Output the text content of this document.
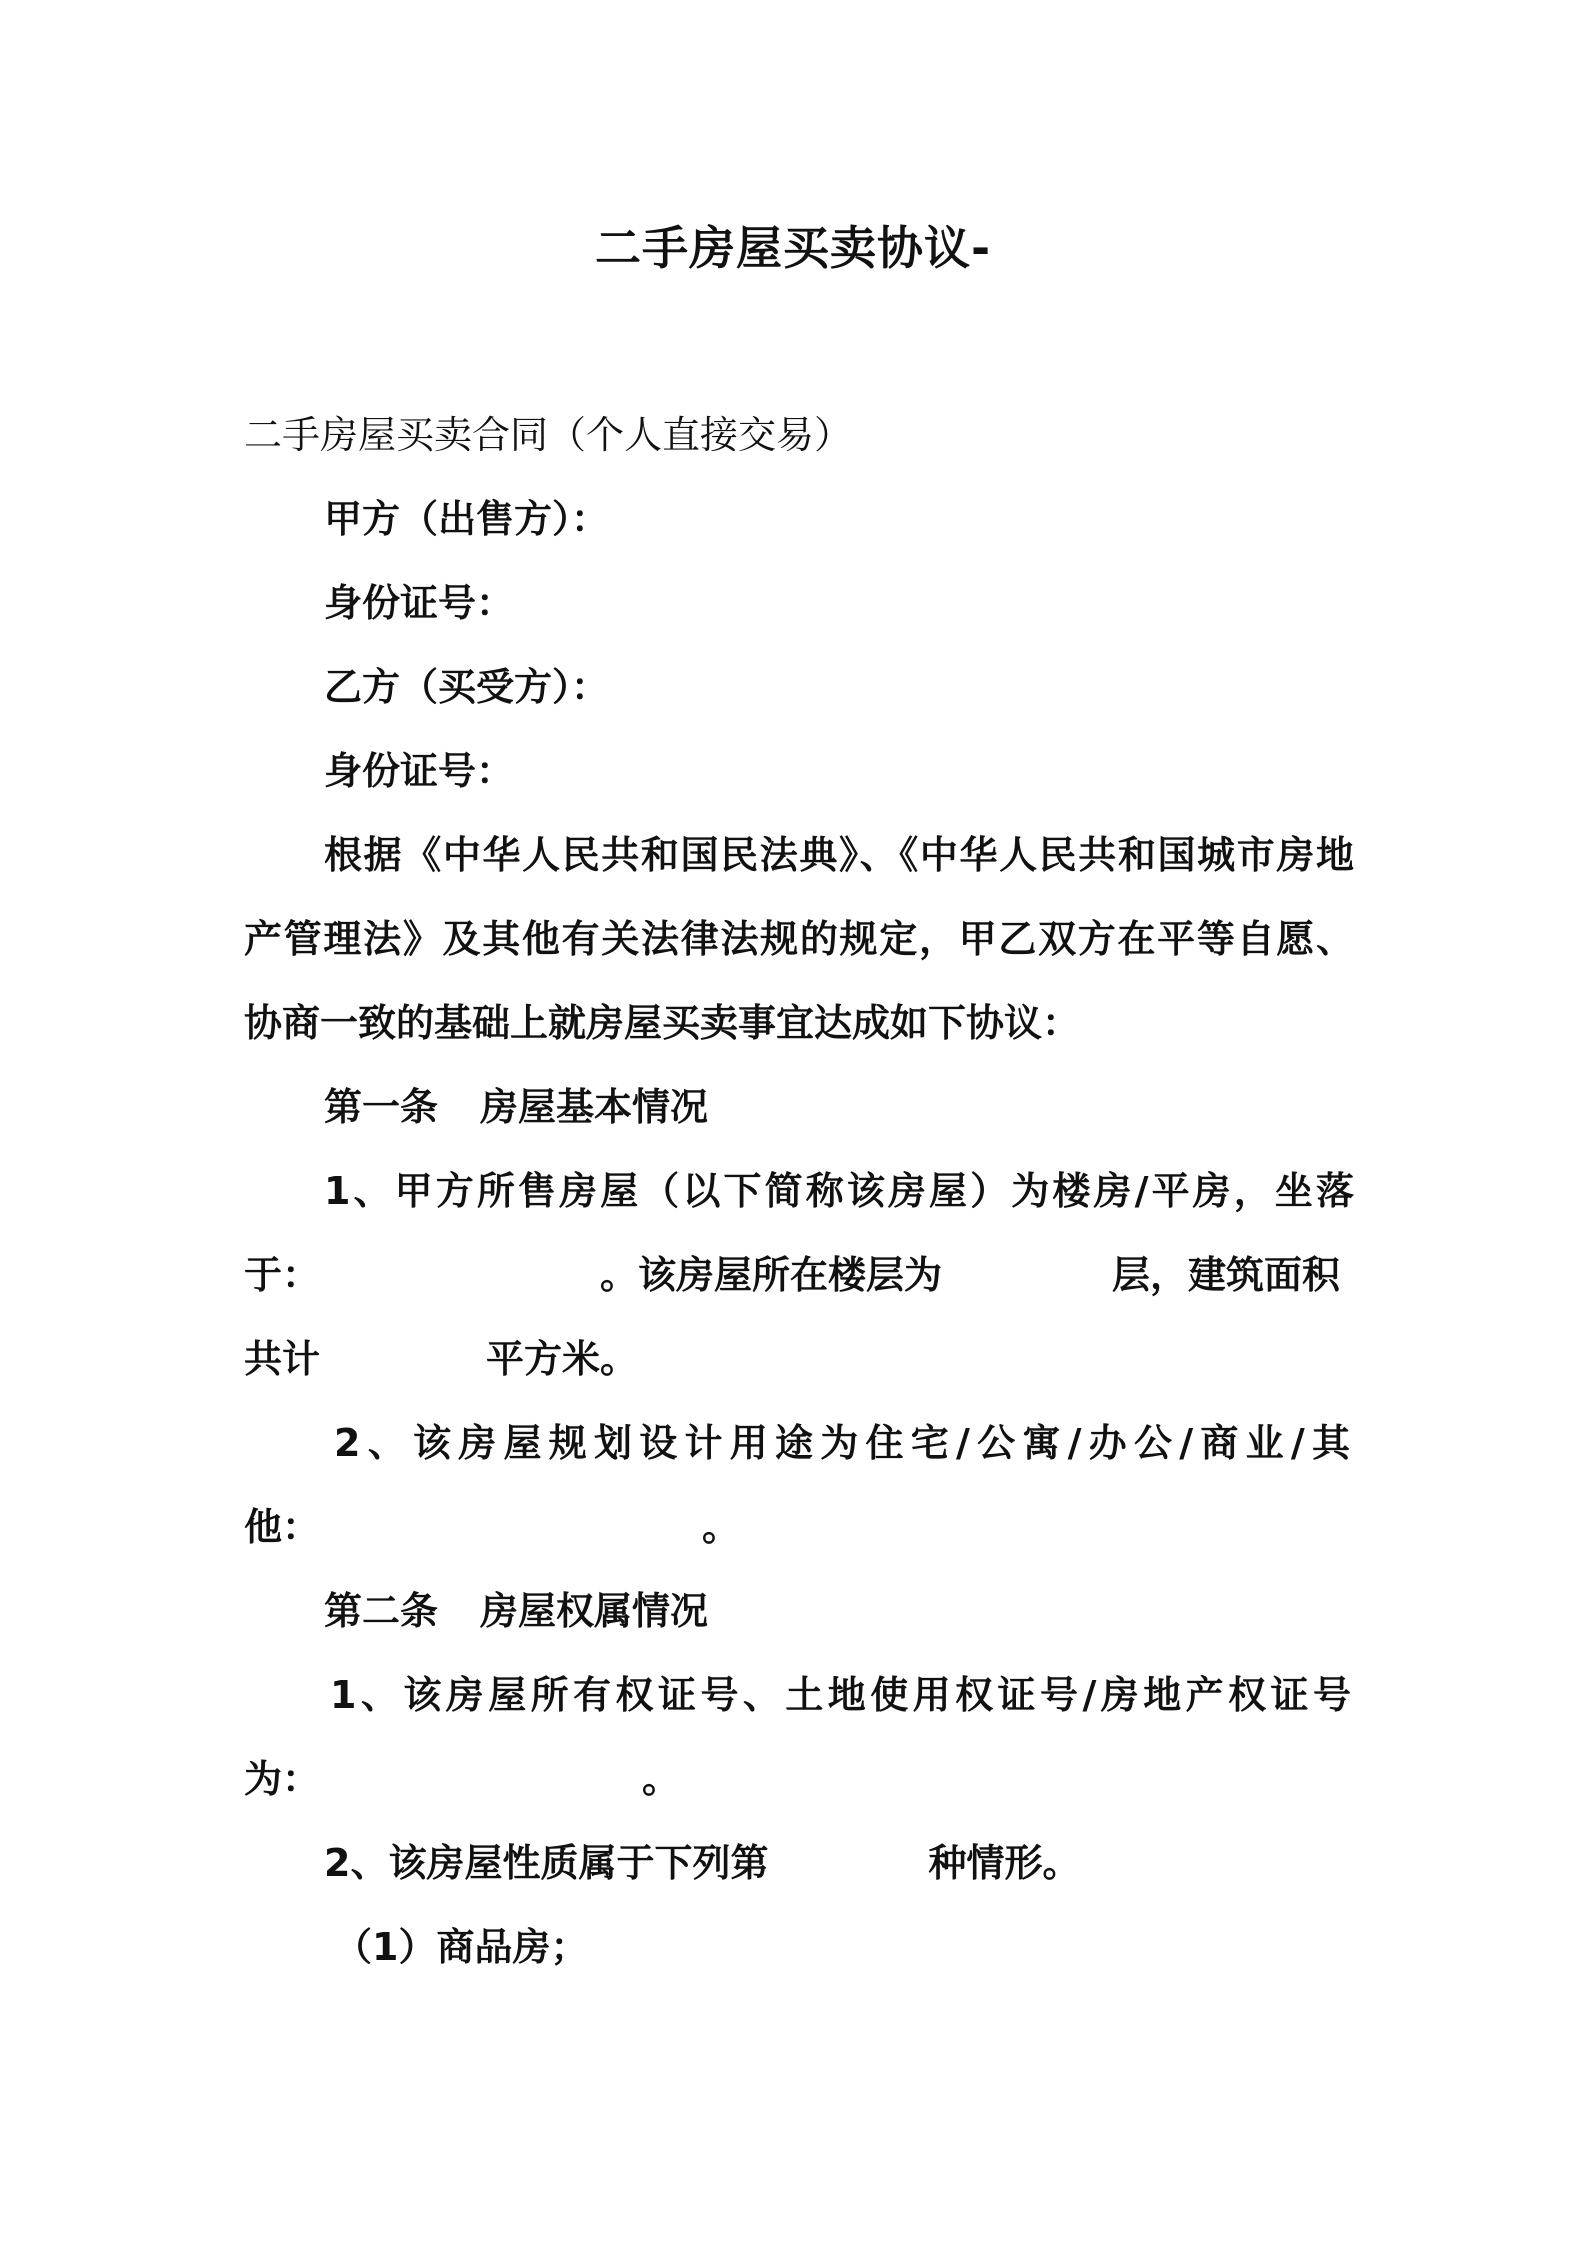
二手房屋买卖协议-
二手房屋买卖合同（个人直接交易）
甲方（出售方）：
身份证号：
乙方（买受方）：
身份证号：
根据《中华人民共和国民法典》、《中华人民共和国城市房地
产管理法》及其他有关法律法规的规定，甲乙双方在平等自愿、
协商一致的基础上就房屋买卖事宜达成如下协议：
第一条 房屋基本情况
1、甲方所售房屋（以下简称该房屋）为楼房/平房，坐落
于：	。该房屋所在楼层为	层，建筑面积
共计	平方米。
2、该房屋规划设计用途为住宅/公寓/办公/商业/其
他：	。
第二条 房屋权属情况
1、该房屋所有权证号、土地使用权证号/房地产权证号
为：	。
2、该房屋性质属于下列第	种情形。
（1）商品房；
